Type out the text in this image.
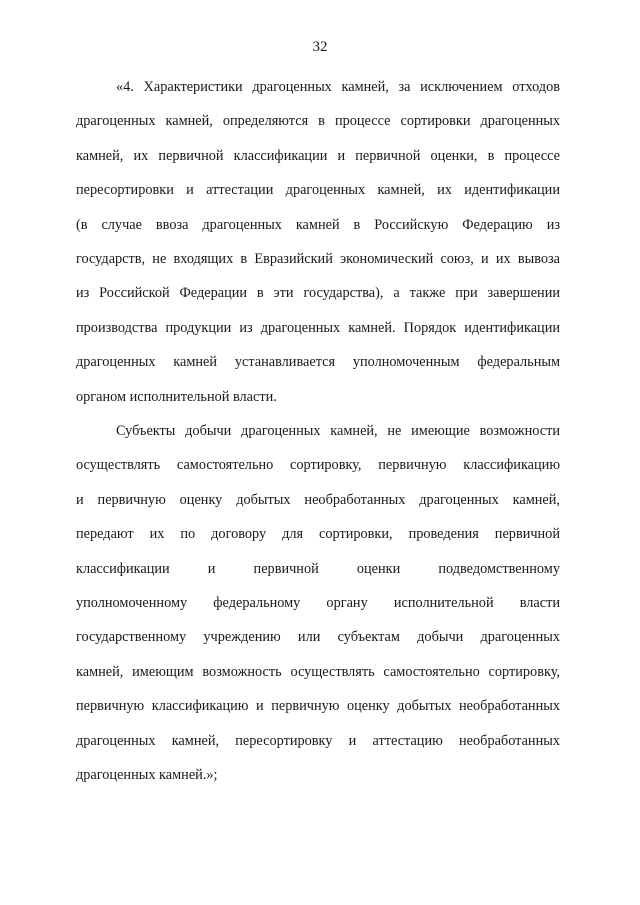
32
«4. Характеристики драгоценных камней, за исключением отходов
драгоценных камней, определяются в процессе сортировки драгоценных
камней, их первичной классификации и первичной оценки, в процессе
пересортировки и аттестации драгоценных камней, их идентификации
(в случае ввоза драгоценных камней в Российскую Федерацию из
государств, не входящих в Евразийский экономический союз, и их вывоза
из Российской Федерации в эти государства), а также при завершении
производства продукции из драгоценных камней. Порядок идентификации
драгоценных камней устанавливается уполномоченным федеральным
органом исполнительной власти.
Субъекты добычи драгоценных камней, не имеющие возможности
осуществлять самостоятельно сортировку, первичную классификацию
и первичную оценку добытых необработанных драгоценных камней,
передают их по договору для сортировки, проведения первичной
классификации и первичной оценки подведомственному
уполномоченному федеральному органу исполнительной власти
государственному учреждению или субъектам добычи драгоценных
камней, имеющим возможность осуществлять самостоятельно сортировку,
первичную классификацию и первичную оценку добытых необработанных
драгоценных камней, пересортировку и аттестацию необработанных
драгоценных камней.»;
